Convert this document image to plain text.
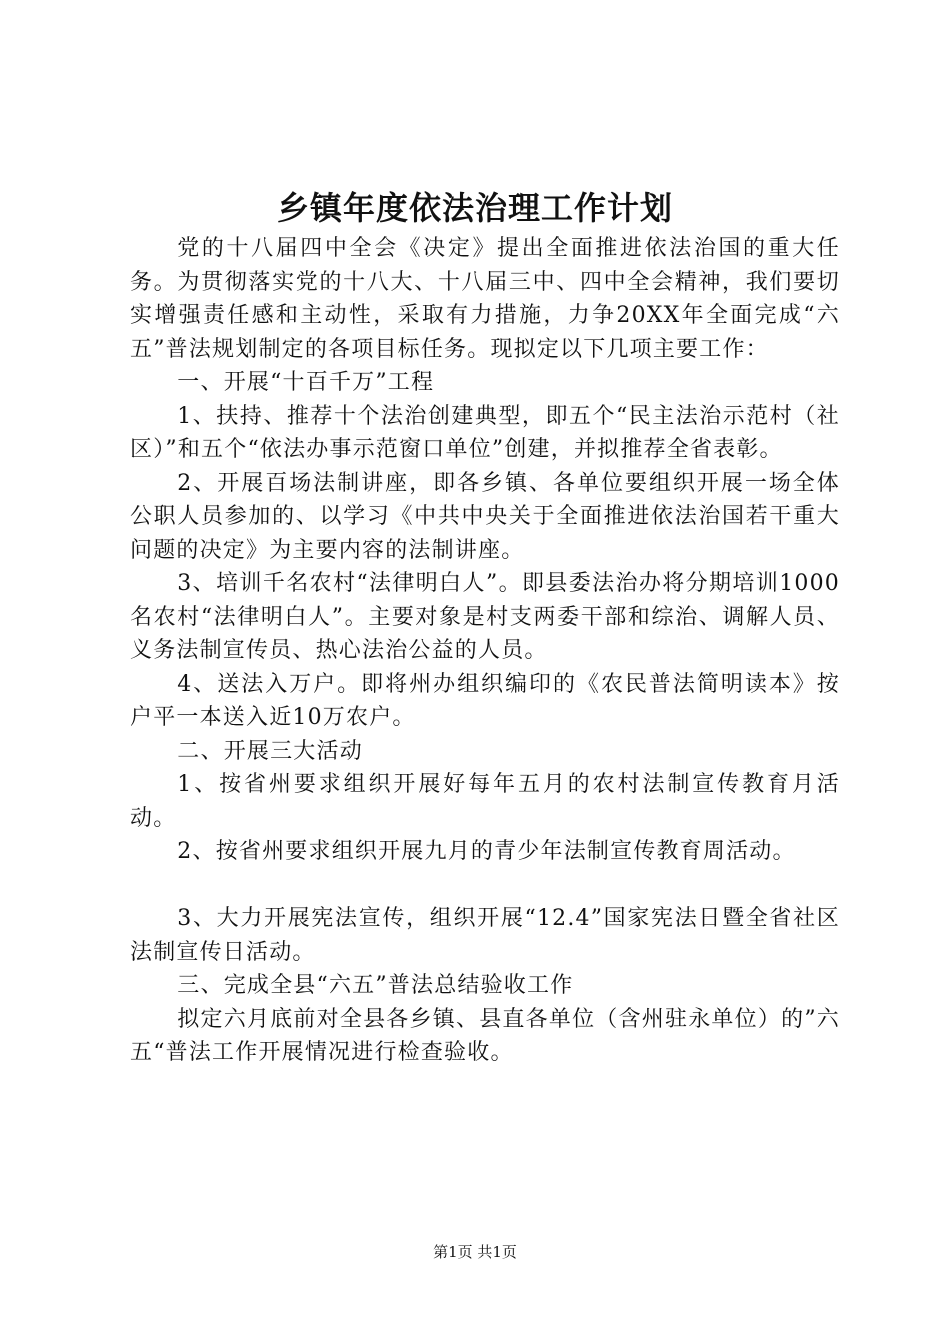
乡镇年度依法治理工作计划

党的十八届四中全会《决定》提出全面推进依法治国的重大任务。为贯彻落实党的十八大、十八届三中、四中全会精神，我们要切实增强责任感和主动性，采取有力措施，力争20XX年全面完成“六五”普法规划制定的各项目标任务。现拟定以下几项主要工作：

一、开展“十百千万”工程

1、扶持、推荐十个法治创建典型，即五个“民主法治示范村（社区）”和五个“依法办事示范窗口单位”创建，并拟推荐全省表彰。

2、开展百场法制讲座，即各乡镇、各单位要组织开展一场全体公职人员参加的、以学习《中共中央关于全面推进依法治国若干重大问题的决定》为主要内容的法制讲座。

3、培训千名农村“法律明白人”。即县委法治办将分期培训1000名农村“法律明白人”。主要对象是村支两委干部和综治、调解人员、义务法制宣传员、热心法治公益的人员。

4、送法入万户。即将州办组织编印的《农民普法简明读本》按户平一本送入近10万农户。

二、开展三大活动

1、按省州要求组织开展好每年五月的农村法制宣传教育月活动。

2、按省州要求组织开展九月的青少年法制宣传教育周活动。

3、大力开展宪法宣传，组织开展“12.4”国家宪法日暨全省社区法制宣传日活动。

三、完成全县“六五”普法总结验收工作

拟定六月底前对全县各乡镇、县直各单位（含州驻永单位）的”六五“普法工作开展情况进行检查验收。

第1页 共1页
